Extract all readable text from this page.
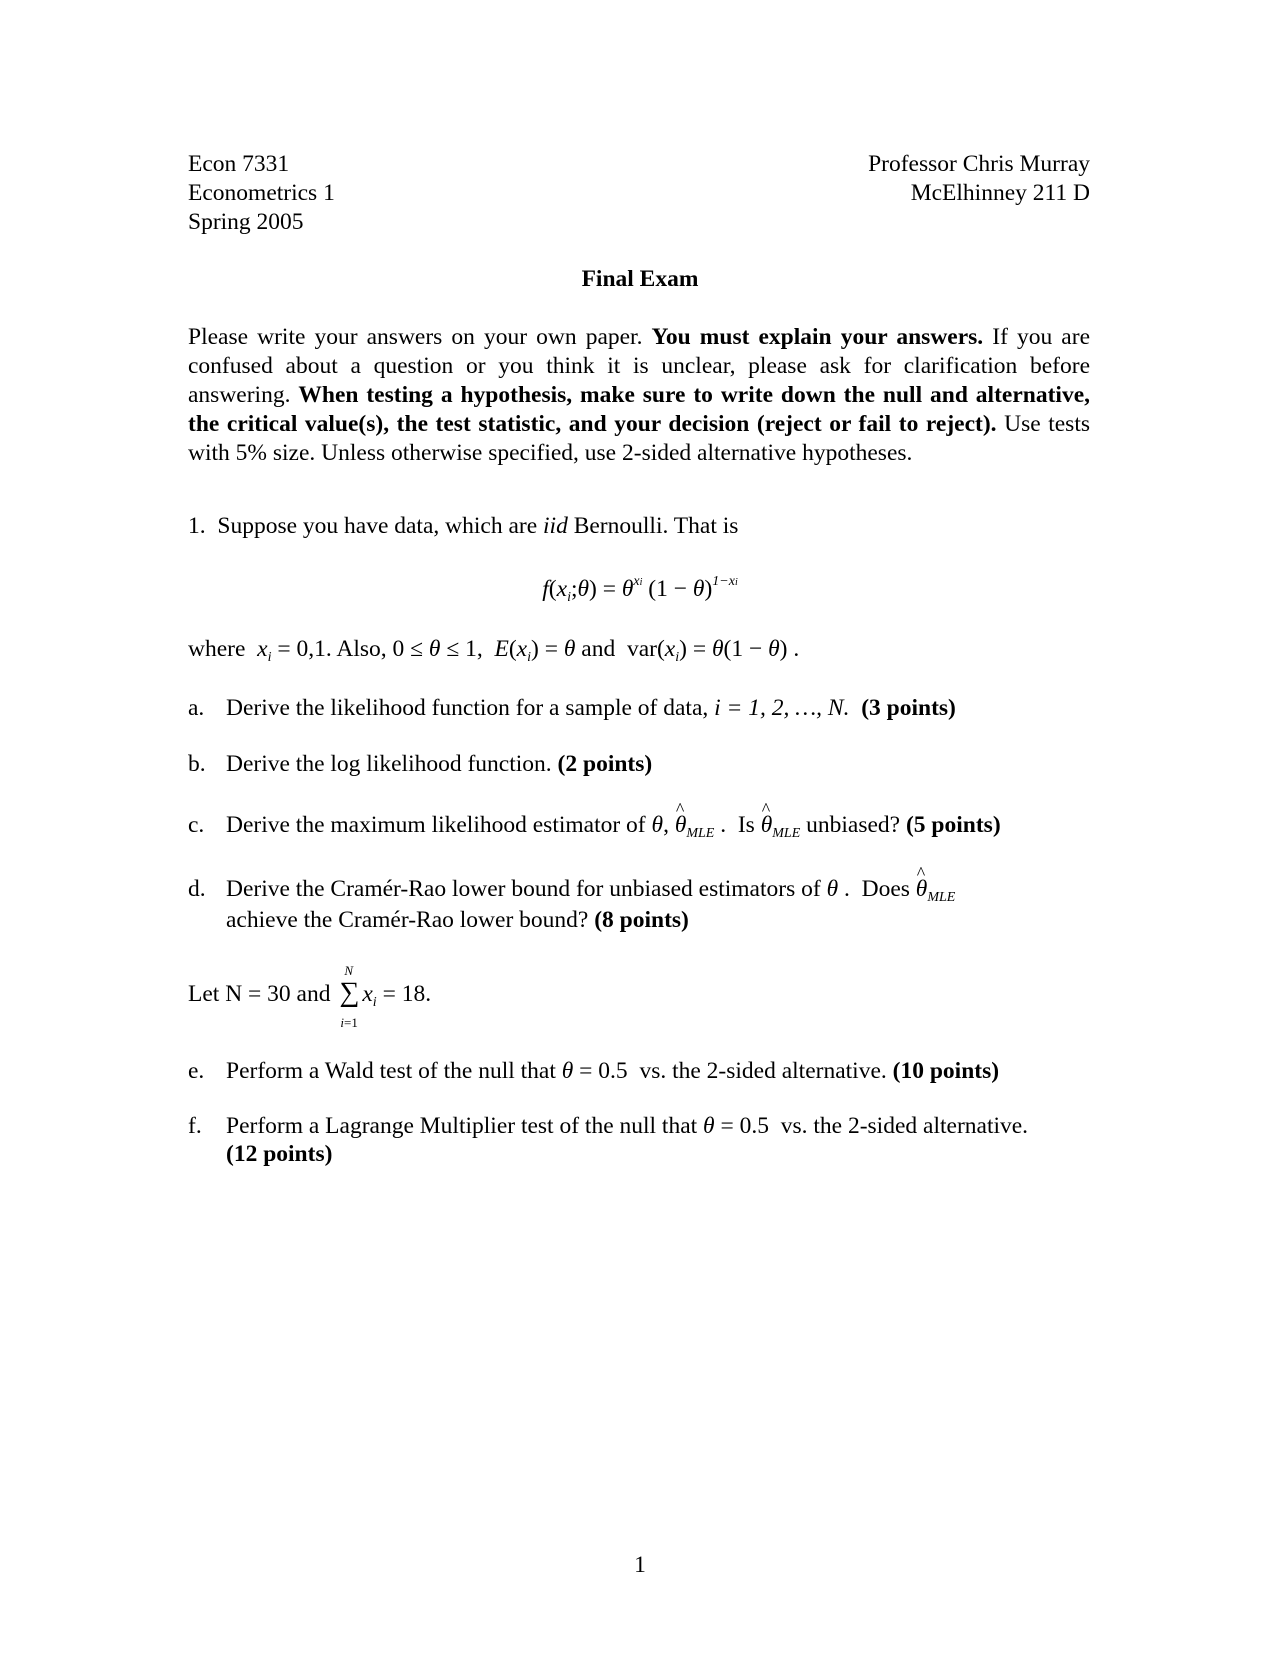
Econ 7331
Econometrics 1
Spring 2005
Professor Chris Murray
McElhinney 211 D
Final Exam
Please write your answers on your own paper. You must explain your answers. If you are confused about a question or you think it is unclear, please ask for clarification before answering. When testing a hypothesis, make sure to write down the null and alternative, the critical value(s), the test statistic, and your decision (reject or fail to reject). Use tests with 5% size. Unless otherwise specified, use 2-sided alternative hypotheses.
1. Suppose you have data, which are iid Bernoulli. That is
$f(x_i;\theta) = \theta^{xi}$ $(1 - \theta)^{1-xi}$
where $x_i = 0,1$. Also, 0 ≤ θ ≤ 1,  $E(x_i) = \theta$ and  $var(x_i) = \theta(1 - \theta)$ .
a. Derive the likelihood function for a sample of data, i = 1, 2, …, N. (3 points)
b. Derive the log likelihood function. (2 points)
c. Derive the maximum likelihood estimator of θ, ^ $\theta_{MLE}$ .  Is ^ $\theta_{MLE}$ unbiased? (5 points)
d. Derive the Cramér-Rao lower bound for unbiased estimators of θ .  Does ^ $\theta_{MLE}$
achieve the Cramér-Rao lower bound? (8 points)
Let N = 30 and ∑
N
i=1
$x_i = 18$.
e. Perform a Wald test of the null that θ = 0.5  vs. the 2-sided alternative. (10 points)
f. Perform a Lagrange Multiplier test of the null that θ = 0.5  vs. the 2-sided alternative.
(12 points)
1
